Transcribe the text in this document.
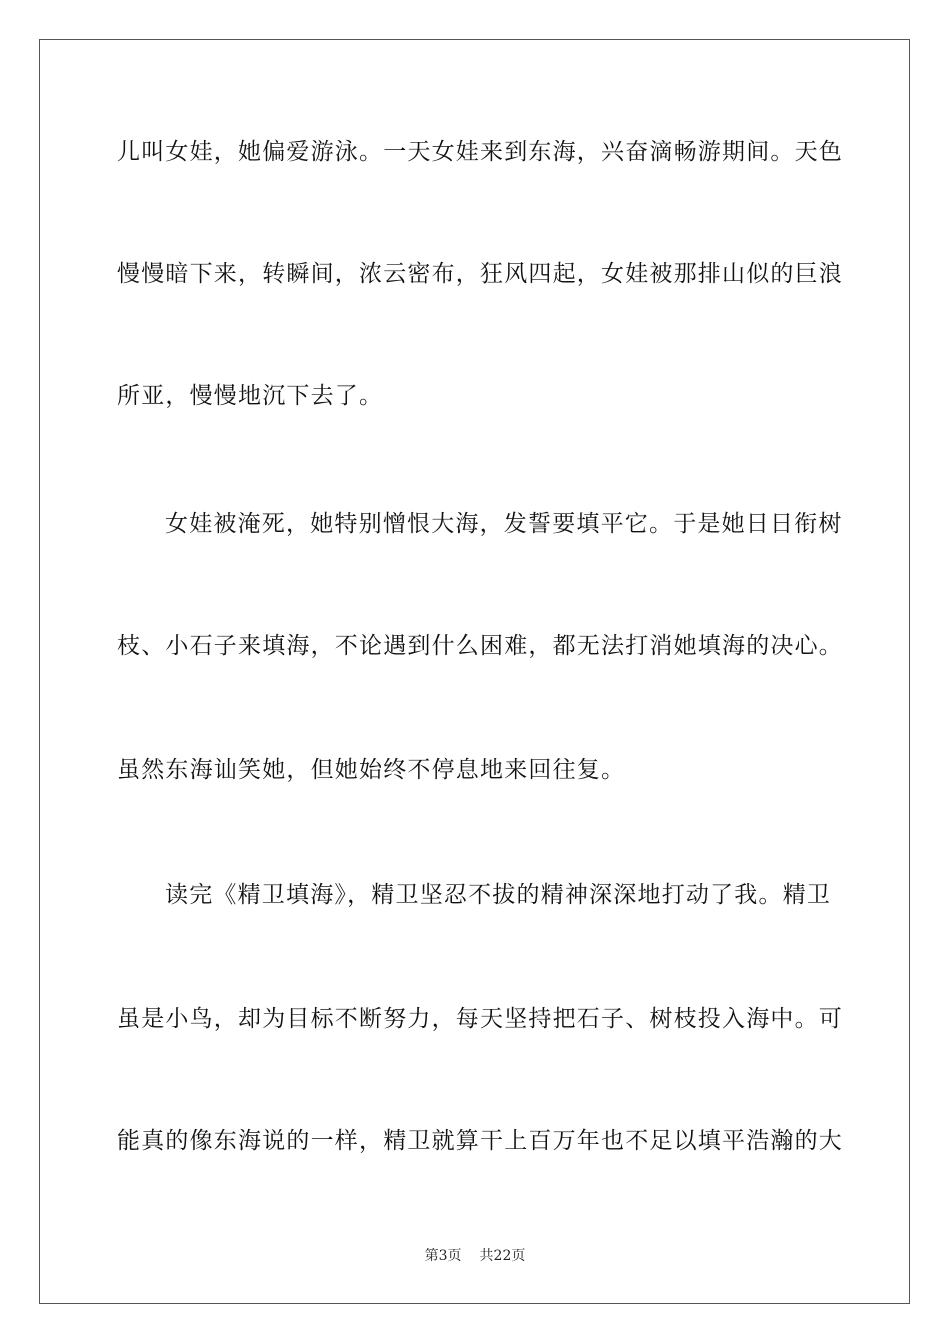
儿叫女娃，她偏爱游泳。一天女娃来到东海，兴奋滴畅游期间。天色
慢慢暗下来，转瞬间，浓云密布，狂风四起，女娃被那排山似的巨浪
所亚，慢慢地沉下去了。
女娃被淹死，她特别憎恨大海，发誓要填平它。于是她日日衔树
枝、小石子来填海，不论遇到什么困难，都无法打消她填海的决心。
虽然东海讪笑她，但她始终不停息地来回往复。
读完《精卫填海》，精卫坚忍不拔的精神深深地打动了我。精卫
虽是小鸟，却为目标不断努力，每天坚持把石子、树枝投入海中。可
能真的像东海说的一样，精卫就算干上百万年也不足以填平浩瀚的大
第3页 共22页
